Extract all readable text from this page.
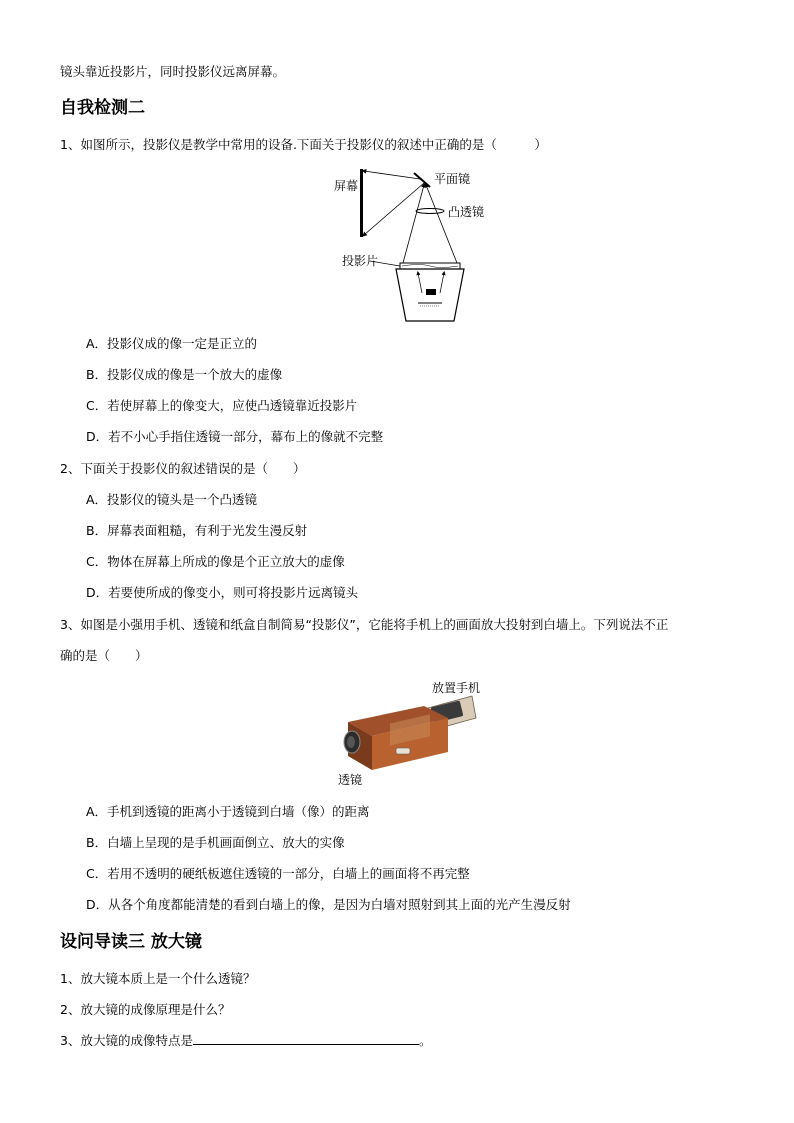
镜头靠近投影片，同时投影仪远离屏幕。
自我检测二
1、如图所示，投影仪是教学中常用的设备.下面关于投影仪的叙述中正确的是（　　　）
屏幕	平面镜
凸透镜
投影片
A．投影仪成的像一定是正立的
B．投影仪成的像是一个放大的虚像
C．若使屏幕上的像变大，应使凸透镜靠近投影片
D．若不小心手指住透镜一部分，幕布上的像就不完整
2、下面关于投影仪的叙述错误的是（　　）
A．投影仪的镜头是一个凸透镜
B．屏幕表面粗糙，有利于光发生漫反射
C．物体在屏幕上所成的像是个正立放大的虚像
D．若要使所成的像变小，则可将投影片远离镜头
3、如图是小强用手机、透镜和纸盒自制简易“投影仪”，它能将手机上的画面放大投射到白墙上。下列说法不正
确的是（　　）
放置手机
透镜
A．手机到透镜的距离小于透镜到白墙（像）的距离
B．白墙上呈现的是手机画面倒立、放大的实像
C．若用不透明的硬纸板遮住透镜的一部分，白墙上的画面将不再完整
D．从各个角度都能清楚的看到白墙上的像，是因为白墙对照射到其上面的光产生漫反射
设问导读三 放大镜
1、放大镜本质上是一个什么透镜？
2、放大镜的成像原理是什么？
3、放大镜的成像特点是	。
